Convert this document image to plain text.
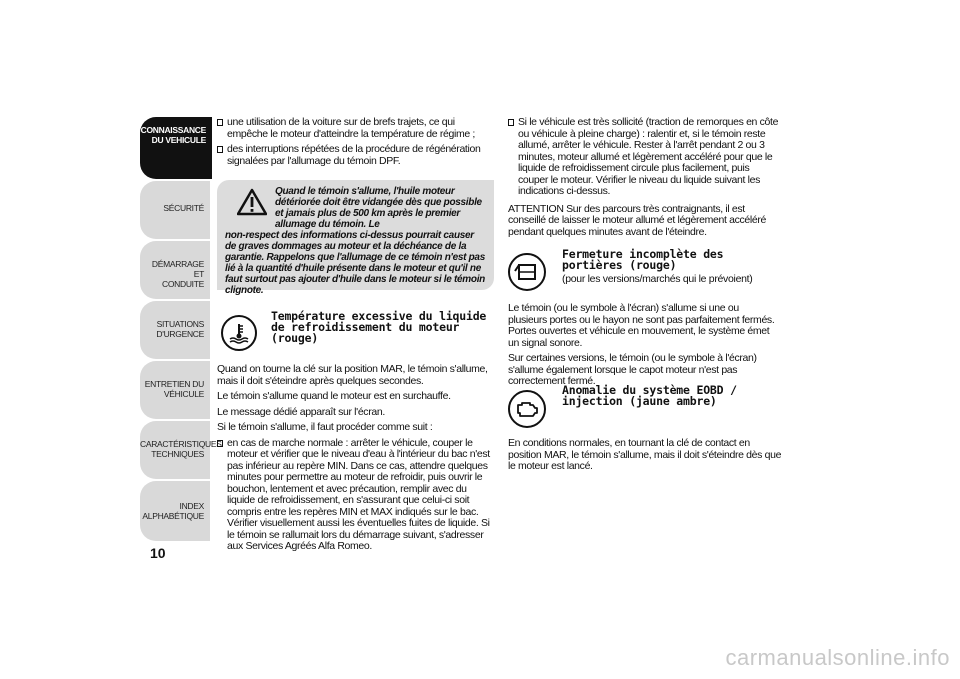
CONNAISSANCE
DU VEHICULE
SÉCURITÉ
DÉMARRAGE ET
CONDUITE
SITUATIONS
D'URGENCE
ENTRETIEN DU
VÉHICULE
CARACTÉRISTIQUES
TECHNIQUES
INDEX
ALPHABÉTIQUE
10
une utilisation de la voiture sur de brefs trajets, ce qui empêche le moteur d'atteindre la température de régime ;
des interruptions répétées de la procédure de régénération signalées par l'allumage du témoin DPF.
Quand le témoin s'allume, l'huile moteur détériorée doit être vidangée dès que possible et jamais plus de 500 km après le premier allumage du témoin. Le
non-respect des informations ci-dessus pourrait causer de graves dommages au moteur et la déchéance de la garantie. Rappelons que l'allumage de ce témoin n'est pas lié à la quantité d'huile présente dans le moteur et qu'il ne faut surtout pas ajouter d'huile dans le moteur si le témoin clignote.
Température excessive du liquide de refroidissement du moteur (rouge)

Quand on tourne la clé sur la position MAR, le témoin s'allume, mais il doit s'éteindre après quelques secondes.

Le témoin s'allume quand le moteur est en surchauffe.

Le message dédié apparaît sur l'écran.

Si le témoin s'allume, il faut procéder comme suit :

en cas de marche normale : arrêter le véhicule, couper le moteur et vérifier que le niveau d'eau à l'intérieur du bac n'est pas inférieur au repère MIN. Dans ce cas, attendre quelques minutes pour permettre au moteur de refroidir, puis ouvrir le bouchon, lentement et avec précaution, remplir avec du liquide de refroidissement, en s'assurant que celui-ci soit compris entre les repères MIN et MAX indiqués sur le bac. Vérifier visuellement aussi les éventuelles fuites de liquide. Si le témoin se rallumait lors du démarrage suivant, s'adresser aux Services Agréés Alfa Romeo.
Si le véhicule est très sollicité (traction de remorques en côte ou véhicule à pleine charge) : ralentir et, si le témoin reste allumé, arrêter le véhicule. Rester à l'arrêt pendant 2 ou 3 minutes, moteur allumé et légèrement accéléré pour que le liquide de refroidissement circule plus facilement, puis couper le moteur. Vérifier le niveau du liquide suivant les indications ci-dessus.

ATTENTION Sur des parcours très contraignants, il est conseillé de laisser le moteur allumé et légèrement accéléré pendant quelques minutes avant de l'éteindre.

Fermeture incomplète des portières (rouge)
(pour les versions/marchés qui le prévoient)

Le témoin (ou le symbole à l'écran) s'allume si une ou plusieurs portes ou le hayon ne sont pas parfaitement fermés. Portes ouvertes et véhicule en mouvement, le système émet un signal sonore.

Sur certaines versions, le témoin (ou le symbole à l'écran) s'allume également lorsque le capot moteur n'est pas correctement fermé.

Anomalie du système EOBD / injection (jaune ambre)

En conditions normales, en tournant la clé de contact en position MAR, le témoin s'allume, mais il doit s'éteindre dès que le moteur est lancé.

carmanualsonline.info
